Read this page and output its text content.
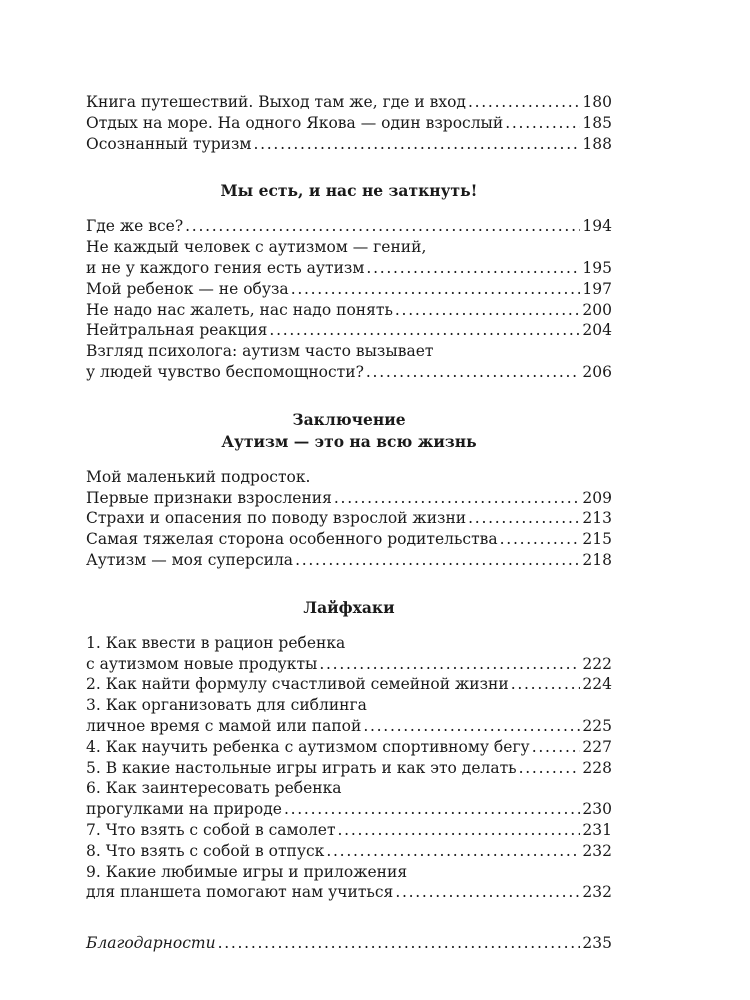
Книга путешествий. Выход там же, где и вход . . .	180
Отдых на море. На одного Якова — один взрослый . . .	185
Осознанный туризм . . .	188
Мы есть, и нас не заткнуть!
Где же все? . . .	194
Не каждый человек с аутизмом — гений,
и не у каждого гения есть аутизм . . .	195
Мой ребенок — не обуза . . .	197
Не надо нас жалеть, нас надо понять . . .	200
Нейтральная реакция . . .	204
Взгляд психолога: аутизм часто вызывает
у людей чувство беспомощности? . . .	206
Заключение
Аутизм — это на всю жизнь
Мой маленький подросток.
Первые признаки взросления . . .	209
Страхи и опасения по поводу взрослой жизни . . .	213
Самая тяжелая сторона особенного родительства . . .	215
Аутизм — моя суперсила . . .	218
Лайфхаки
1. Как ввести в рацион ребенка
с аутизмом новые продукты . . .	222
2. Как найти формулу счастливой семейной жизни . . .	224
3. Как организовать для сиблинга
личное время с мамой или папой . . .	225
4. Как научить ребенка с аутизмом спортивному бегу . . .	227
5. В какие настольные игры играть и как это делать . . .	228
6. Как заинтересовать ребенка
прогулками на природе . . .	230
7. Что взять с собой в самолет . . .	231
8. Что взять с собой в отпуск . . .	232
9. Какие любимые игры и приложения
для планшета помогают нам учиться . . .	232
Благодарности . . .	235
